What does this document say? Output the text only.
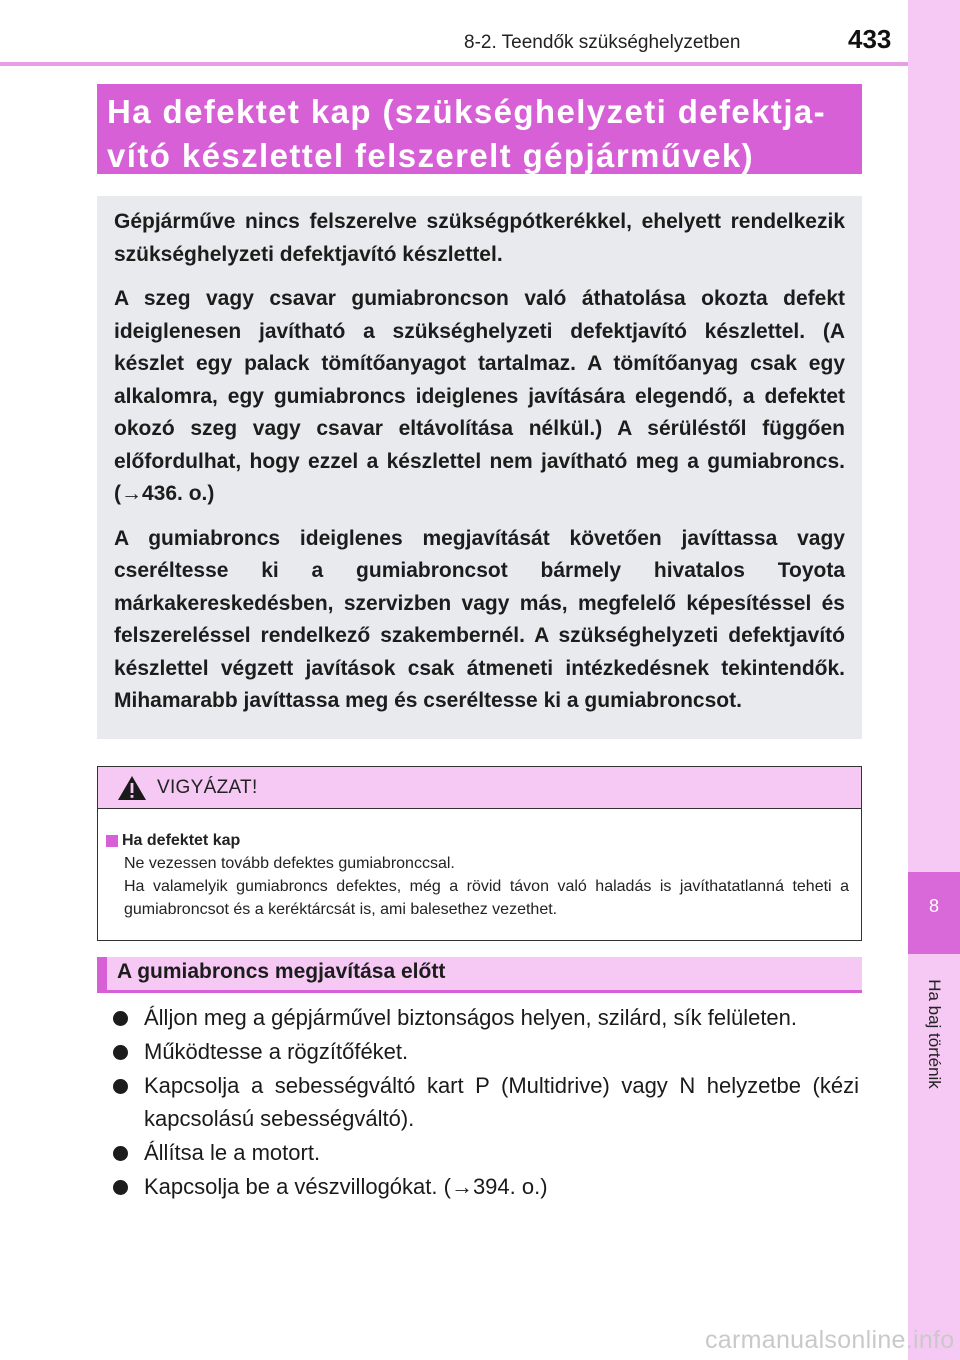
8-2. Teendők szükséghelyzetben	433
8
Ha baj történik
Ha defektet kap (szükséghelyzeti defektja-
vító készlettel felszerelt gépjárművek)

Gépjárműve nincs felszerelve szükségpótkerékkel, ehelyett rendelkezik szükséghelyzeti defektjavító készlettel.

A szeg vagy csavar gumiabroncson való áthatolása okozta defekt ideiglenesen javítható a szükséghelyzeti defektjavító készlettel. (A készlet egy palack tömítőanyagot tartalmaz. A tömítőanyag csak egy alkalomra, egy gumiabroncs ideiglenes javítására elegendő, a defektet okozó szeg vagy csavar eltávolítása nélkül.) A sérüléstől függően előfordulhat, hogy ezzel a készlettel nem javítható meg a gumiabroncs. (→436. o.)

A gumiabroncs ideiglenes megjavítását követően javíttassa vagy cseréltesse ki a gumiabroncsot bármely hivatalos Toyota márkakereskedésben, szervizben vagy más, megfelelő képesítéssel és felszereléssel rendelkező szakembernél. A szükséghelyzeti defektjavító készlettel végzett javítások csak átmeneti intézkedésnek tekintendők. Mihamarabb javíttassa meg és cseréltesse ki a gumiabroncsot.

VIGYÁZAT!
Ha defektet kap

Ne vezessen tovább defektes gumiabronccsal.

Ha valamelyik gumiabroncs defektes, még a rövid távon való haladás is javíthatatlanná teheti a gumiabroncsot és a keréktárcsát is, ami balesethez vezethet.

A gumiabroncs megjavítása előtt
Álljon meg a gépjárművel biztonságos helyen, szilárd, sík felületen.
Működtesse a rögzítőféket.
Kapcsolja a sebességváltó kart P (Multidrive) vagy N helyzetbe (kézi kapcsolású sebességváltó).
Állítsa le a motort.
Kapcsolja be a vészvillogókat. (→394. o.)
carmanualsonline.info
